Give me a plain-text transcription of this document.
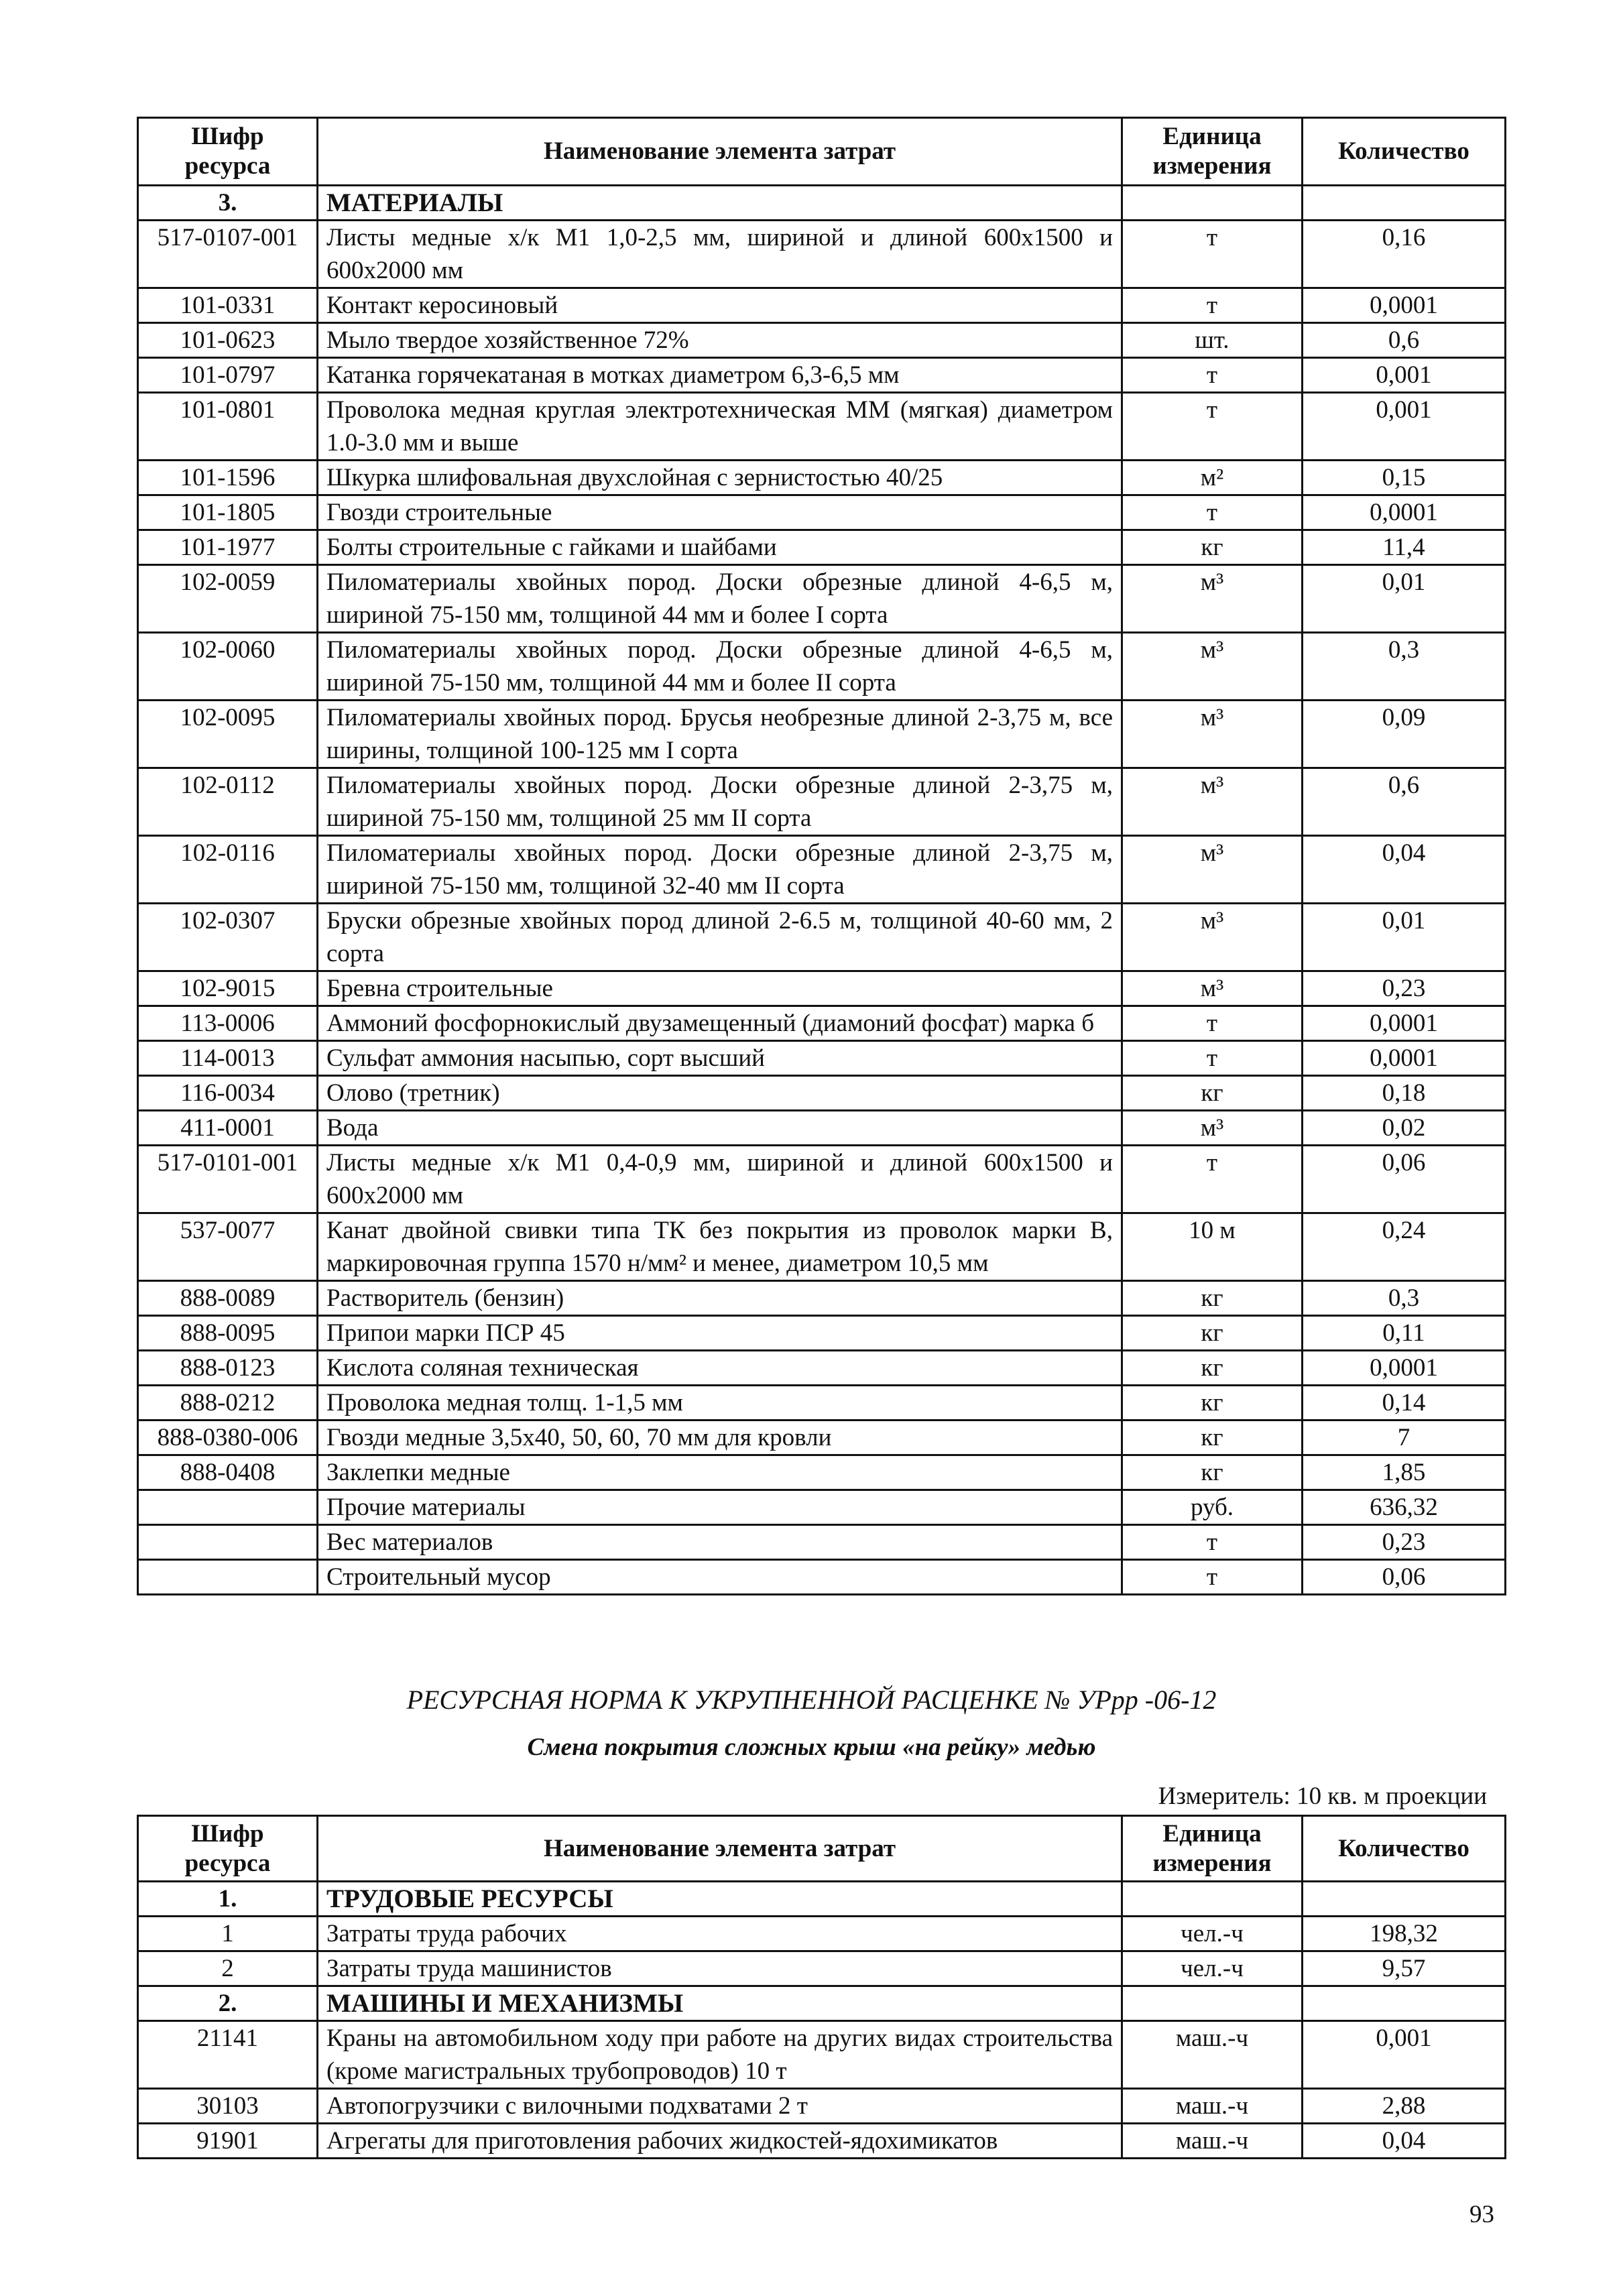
Шифр ресурса	Наименование элемента затрат	Единица измерения	Количество
3.	МАТЕРИАЛЫ		
517-0107-001	Листы медные х/к М1 1,0-2,5 мм, шириной и длиной 600х1500 и 600х2000 мм	т	0,16
101-0331	Контакт керосиновый	т	0,0001
101-0623	Мыло твердое хозяйственное 72%	шт.	0,6
101-0797	Катанка горячекатаная в мотках диаметром 6,3-6,5 мм	т	0,001
101-0801	Проволока медная круглая электротехническая ММ (мягкая) диаметром 1.0-3.0 мм и выше	т	0,001
101-1596	Шкурка шлифовальная двухслойная с зернистостью 40/25	м²	0,15
101-1805	Гвозди строительные	т	0,0001
101-1977	Болты строительные с гайками и шайбами	кг	11,4
102-0059	Пиломатериалы хвойных пород. Доски обрезные длиной 4-6,5 м, шириной 75-150 мм, толщиной 44 мм и более I сорта	м³	0,01
102-0060	Пиломатериалы хвойных пород. Доски обрезные длиной 4-6,5 м, шириной 75-150 мм, толщиной 44 мм и более II сорта	м³	0,3
102-0095	Пиломатериалы хвойных пород. Брусья необрезные длиной 2-3,75 м, все ширины, толщиной 100-125 мм I сорта	м³	0,09
102-0112	Пиломатериалы хвойных пород. Доски обрезные длиной 2-3,75 м, шириной 75-150 мм, толщиной 25 мм II сорта	м³	0,6
102-0116	Пиломатериалы хвойных пород. Доски обрезные длиной 2-3,75 м, шириной 75-150 мм, толщиной 32-40 мм II сорта	м³	0,04
102-0307	Бруски обрезные хвойных пород длиной 2-6.5 м, толщиной 40-60 мм, 2 сорта	м³	0,01
102-9015	Бревна строительные	м³	0,23
113-0006	Аммоний фосфорнокислый двузамещенный (диамоний фосфат) марка б	т	0,0001
114-0013	Сульфат аммония насыпью, сорт высший	т	0,0001
116-0034	Олово (третник)	кг	0,18
411-0001	Вода	м³	0,02
517-0101-001	Листы медные х/к М1 0,4-0,9 мм, шириной и длиной 600х1500 и 600х2000 мм	т	0,06
537-0077	Канат двойной свивки типа ТК без покрытия из проволок марки В, маркировочная группа 1570 н/мм² и менее, диаметром 10,5 мм	10 м	0,24
888-0089	Растворитель (бензин)	кг	0,3
888-0095	Припои марки ПСР 45	кг	0,11
888-0123	Кислота соляная техническая	кг	0,0001
888-0212	Проволока медная толщ. 1-1,5 мм	кг	0,14
888-0380-006	Гвозди медные 3,5х40, 50, 60, 70 мм для кровли	кг	7
888-0408	Заклепки медные	кг	1,85
	Прочие материалы	руб.	636,32
	Вес материалов	т	0,23
	Строительный мусор	т	0,06
РЕСУРСНАЯ НОРМА К УКРУПНЕННОЙ РАСЦЕНКЕ № УРрр -06-12
Смена покрытия сложных крыш «на рейку» медью
Измеритель: 10 кв. м проекции
Шифр ресурса	Наименование элемента затрат	Единица измерения	Количество
1.	ТРУДОВЫЕ РЕСУРСЫ		
1	Затраты труда рабочих	чел.-ч	198,32
2	Затраты труда машинистов	чел.-ч	9,57
2.	МАШИНЫ И МЕХАНИЗМЫ		
21141	Краны на автомобильном ходу при работе на других видах строительства (кроме магистральных трубопроводов) 10 т	маш.-ч	0,001
30103	Автопогрузчики с вилочными подхватами 2 т	маш.-ч	2,88
91901	Агрегаты для приготовления рабочих жидкостей-ядохимикатов	маш.-ч	0,04
93
